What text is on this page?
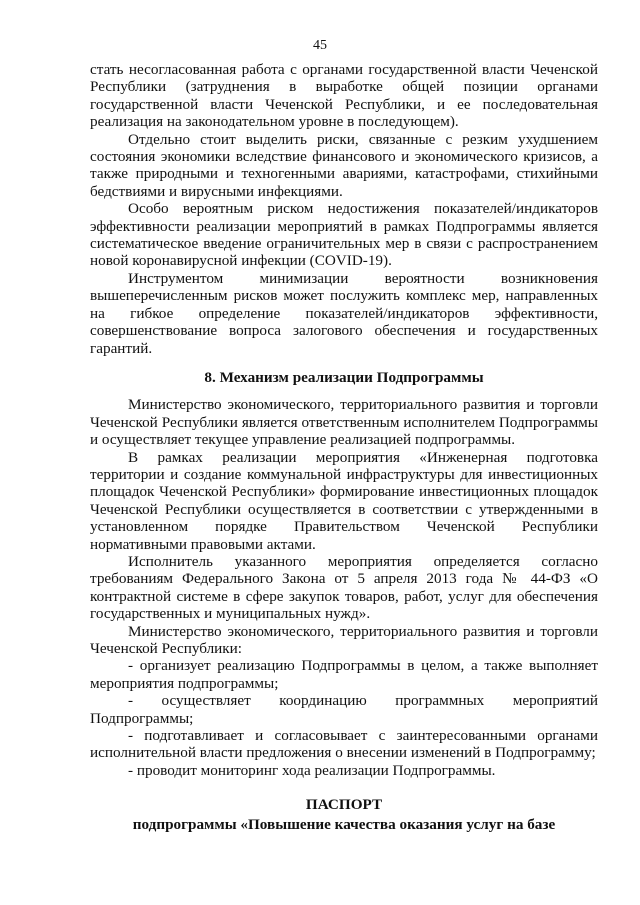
45

стать несогласованная работа с органами государственной власти Чеченской Республики (затруднения в выработке общей позиции органами государственной власти Чеченской Республики, и ее последовательная реализация на законодательном уровне в последующем).

Отдельно стоит выделить риски, связанные с резким ухудшением состояния экономики вследствие финансового и экономического кризисов, а также природными и техногенными авариями, катастрофами, стихийными бедствиями и вирусными инфекциями.

Особо вероятным риском недостижения показателей/индикаторов эффективности реализации мероприятий в рамках Подпрограммы является систематическое введение ограничительных мер в связи с распространением новой коронавирусной инфекции (COVID-19).

Инструментом минимизации вероятности возникновения вышеперечисленным рисков может послужить комплекс мер, направленных на гибкое определение показателей/индикаторов эффективности, совершенствование вопроса залогового обеспечения и государственных гарантий.

8. Механизм реализации Подпрограммы

Министерство экономического, территориального развития и торговли Чеченской Республики является ответственным исполнителем Подпрограммы и осуществляет текущее управление реализацией подпрограммы.

В рамках реализации мероприятия «Инженерная подготовка территории и создание коммунальной инфраструктуры для инвестиционных площадок Чеченской Республики» формирование инвестиционных площадок Чеченской Республики осуществляется в соответствии с утвержденными в установленном порядке Правительством Чеченской Республики нормативными правовыми актами.

Исполнитель указанного мероприятия определяется согласно требованиям Федерального Закона от 5 апреля 2013 года № 44-ФЗ «О контрактной системе в сфере закупок товаров, работ, услуг для обеспечения государственных и муниципальных нужд».

Министерство экономического, территориального развития и торговли Чеченской Республики:

- организует реализацию Подпрограммы в целом, а также выполняет мероприятия подпрограммы;

- осуществляет координацию программных мероприятий Подпрограммы;

- подготавливает и согласовывает с заинтересованными органами исполнительной власти предложения о внесении изменений в Подпрограмму;

- проводит мониторинг хода реализации Подпрограммы.

ПАСПОРТ
подпрограммы «Повышение качества оказания услуг на базе
